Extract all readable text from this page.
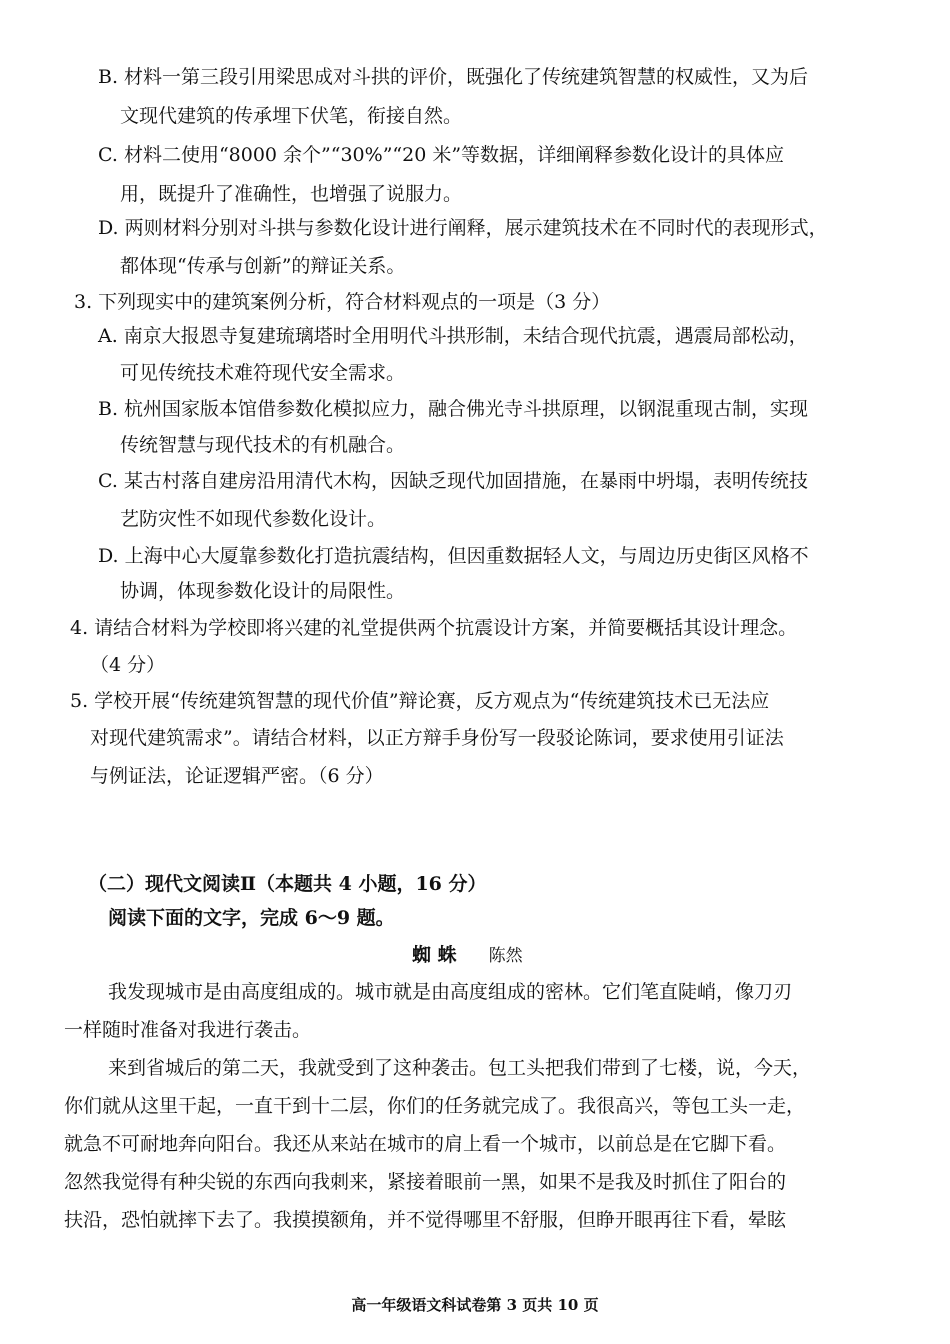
B. 材料一第三段引用梁思成对斗拱的评价，既强化了传统建筑智慧的权威性，又为后
文现代建筑的传承埋下伏笔，衔接自然。
C. 材料二使用“8000 余个”“30%”“20 米”等数据，详细阐释参数化设计的具体应
用，既提升了准确性，也增强了说服力。
D. 两则材料分别对斗拱与参数化设计进行阐释，展示建筑技术在不同时代的表现形式，
都体现“传承与创新”的辩证关系。
3. 下列现实中的建筑案例分析，符合材料观点的一项是（3 分）
A. 南京大报恩寺复建琉璃塔时全用明代斗拱形制，未结合现代抗震，遇震局部松动，
可见传统技术难符现代安全需求。
B. 杭州国家版本馆借参数化模拟应力，融合佛光寺斗拱原理，以钢混重现古制，实现
传统智慧与现代技术的有机融合。
C. 某古村落自建房沿用清代木构，因缺乏现代加固措施，在暴雨中坍塌，表明传统技
艺防灾性不如现代参数化设计。
D. 上海中心大厦靠参数化打造抗震结构，但因重数据轻人文，与周边历史街区风格不
协调，体现参数化设计的局限性。
4. 请结合材料为学校即将兴建的礼堂提供两个抗震设计方案，并简要概括其设计理念。
（4 分）
5. 学校开展“传统建筑智慧的现代价值”辩论赛，反方观点为“传统建筑技术已无法应
对现代建筑需求”。请结合材料，以正方辩手身份写一段驳论陈词，要求使用引证法
与例证法，论证逻辑严密。（6 分）
（二）现代文阅读Ⅱ（本题共 4 小题，16 分）
阅读下面的文字，完成 6～9 题。
蜘 蛛 陈然
我发现城市是由高度组成的。城市就是由高度组成的密林。它们笔直陡峭，像刀刃
一样随时准备对我进行袭击。
来到省城后的第二天，我就受到了这种袭击。包工头把我们带到了七楼，说，今天，
你们就从这里干起，一直干到十二层，你们的任务就完成了。我很高兴，等包工头一走，
就急不可耐地奔向阳台。我还从来站在城市的肩上看一个城市，以前总是在它脚下看。
忽然我觉得有种尖锐的东西向我刺来，紧接着眼前一黑，如果不是我及时抓住了阳台的
扶沿，恐怕就摔下去了。我摸摸额角，并不觉得哪里不舒服，但睁开眼再往下看，晕眩
高一年级语文科试卷第 3 页共 10 页
